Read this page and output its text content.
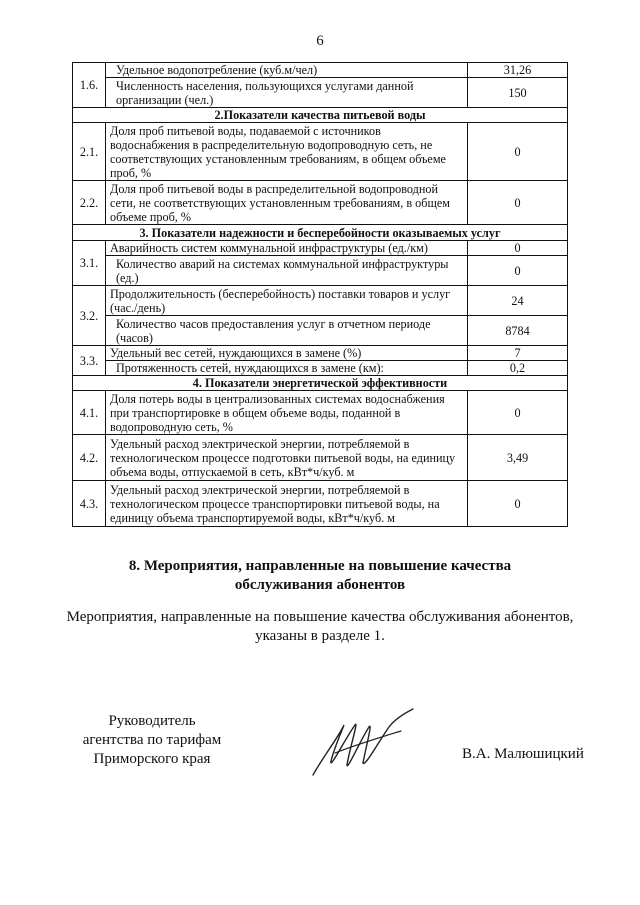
6
1.6.	Удельное водопотребление (куб.м/чел)	31,26
	Численность населения, пользующихся услугами данной организации (чел.)	150
2.Показатели качества питьевой воды		
2.1.	Доля проб питьевой воды, подаваемой с источников водоснабжения в распределительную водопроводную сеть, не соответствующих установленным требованиям, в общем объеме проб, %	0
2.2.	Доля проб питьевой воды в распределительной водопроводной сети, не соответствующих установленным требованиям, в общем объеме проб, %	0
3. Показатели надежности и бесперебойности оказываемых услуг		
3.1.	Аварийность систем коммунальной инфраструктуры (ед./км)	0
	Количество аварий на системах коммунальной инфраструктуры (ед.)	0
3.2.	Продолжительность (бесперебойность) поставки товаров и услуг (час./день)	24
	Количество часов предоставления услуг в отчетном периоде (часов)	8784
3.3.	Удельный вес сетей, нуждающихся в замене (%)	7
	Протяженность сетей, нуждающихся в замене (км):	0,2
4. Показатели энергетической эффективности		
4.1.	Доля потерь воды в централизованных системах водоснабжения при транспортировке в общем объеме воды, поданной в водопроводную сеть, %	0
4.2.	Удельный расход электрической энергии, потребляемой в технологическом процессе подготовки питьевой воды, на единицу объема воды, отпускаемой в сеть, кВт*ч/куб. м	3,49
4.3.	Удельный расход электрической энергии, потребляемой в технологическом процессе транспортировки питьевой воды, на единицу объема транспортируемой воды, кВт*ч/куб. м	0
8. Мероприятия, направленные на повышение качества
обслуживания абонентов
Мероприятия, направленные на повышение качества обслуживания абонентов,
указаны в разделе 1.
Руководитель
агентства по тарифам
Приморского края	В.А. Малюшицкий
